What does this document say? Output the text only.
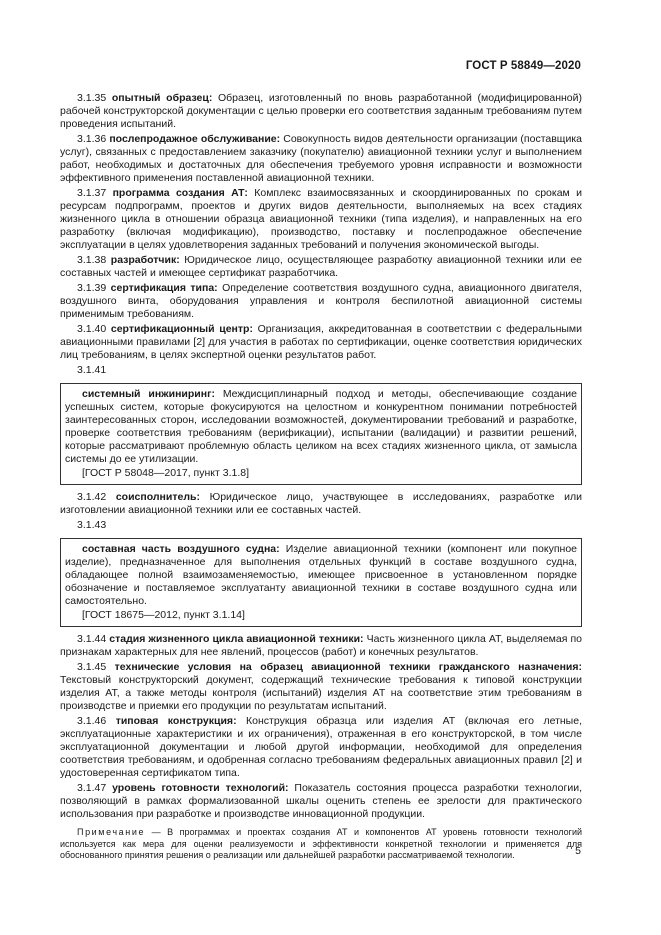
ГОСТ Р 58849—2020

3.1.35 опытный образец: Образец, изготовленный по вновь разработанной (модифицированной) рабочей конструкторской документации с целью проверки его соответствия заданным требованиям путем проведения испытаний.

3.1.36 послепродажное обслуживание: Совокупность видов деятельности организации (поставщика услуг), связанных с предоставлением заказчику (покупателю) авиационной техники услуг и выполнением работ, необходимых и достаточных для обеспечения требуемого уровня исправности и возможности эффективного применения поставленной авиационной техники.

3.1.37 программа создания АТ: Комплекс взаимосвязанных и скоординированных по срокам и ресурсам подпрограмм, проектов и других видов деятельности, выполняемых на всех стадиях жизненного цикла в отношении образца авиационной техники (типа изделия), и направленных на его разработку (включая модификацию), производство, поставку и послепродажное обеспечение эксплуатации в целях удовлетворения заданных требований и получения экономической выгоды.

3.1.38 разработчик: Юридическое лицо, осуществляющее разработку авиационной техники или ее составных частей и имеющее сертификат разработчика.

3.1.39 сертификация типа: Определение соответствия воздушного судна, авиационного двигателя, воздушного винта, оборудования управления и контроля беспилотной авиационной системы применимым требованиям.

3.1.40 сертификационный центр: Организация, аккредитованная в соответствии с федеральными авиационными правилами [2] для участия в работах по сертификации, оценке соответствия юридических лиц требованиям, в целях экспертной оценки результатов работ.

3.1.41

системный инжиниринг: Междисциплинарный подход и методы, обеспечивающие создание успешных систем, которые фокусируются на целостном и конкурентном понимании потребностей заинтересованных сторон, исследовании возможностей, документировании требований и разработке, проверке соответствия требованиям (верификации), испытании (валидации) и развитии решений, которые рассматривают проблемную область целиком на всех стадиях жизненного цикла, от замысла системы до ее утилизации.

[ГОСТ Р 58048—2017, пункт 3.1.8]

3.1.42 соисполнитель: Юридическое лицо, участвующее в исследованиях, разработке или изготовлении авиационной техники или ее составных частей.

3.1.43

составная часть воздушного судна: Изделие авиационной техники (компонент или покупное изделие), предназначенное для выполнения отдельных функций в составе воздушного судна, обладающее полной взаимозаменяемостью, имеющее присвоенное в установленном порядке обозначение и поставляемое эксплуатанту авиационной техники в составе воздушного судна или самостоятельно.

[ГОСТ 18675—2012, пункт 3.1.14]

3.1.44 стадия жизненного цикла авиационной техники: Часть жизненного цикла АТ, выделяемая по признакам характерных для нее явлений, процессов (работ) и конечных результатов.

3.1.45 технические условия на образец авиационной техники гражданского назначения: Текстовый конструкторский документ, содержащий технические требования к типовой конструкции изделия АТ, а также методы контроля (испытаний) изделия АТ на соответствие этим требованиям в производстве и приемки его продукции по результатам испытаний.

3.1.46 типовая конструкция: Конструкция образца или изделия АТ (включая его летные, эксплуатационные характеристики и их ограничения), отраженная в его конструкторской, в том числе эксплуатационной документации и любой другой информации, необходимой для определения соответствия требованиям, и одобренная согласно требованиям федеральных авиационных правил [2] и удостоверенная сертификатом типа.

3.1.47 уровень готовности технологий: Показатель состояния процесса разработки технологии, позволяющий в рамках формализованной шкалы оценить степень ее зрелости для практического использования при разработке и производстве инновационной продукции.

Примечание — В программах и проектах создания АТ и компонентов АТ уровень готовности технологий используется как мера для оценки реализуемости и эффективности конкретной технологии и применяется для обоснованного принятия решения о реализации или дальнейшей разработки рассматриваемой технологии.	5
